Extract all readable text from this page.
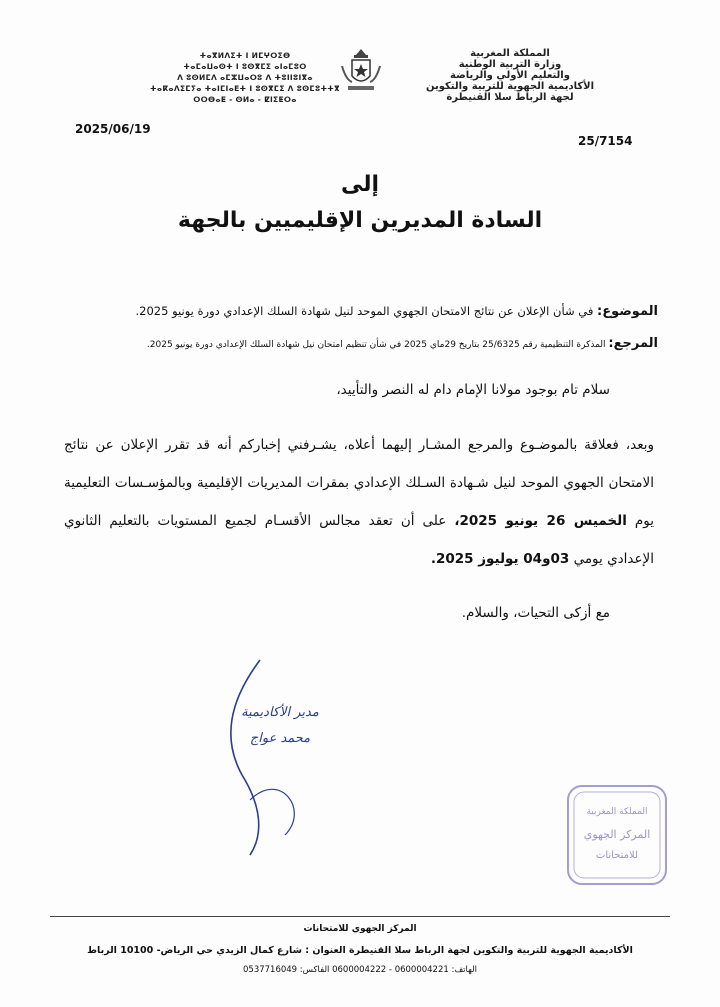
المملكة المغربية
وزارة التربية الوطنية
والتعليم الأولي والرياضة
الأكاديمية الجهوية للتربية والتكوين
لجهة الرباط سلا القنيطرة
ⵜⴰⴳⵍⴷⵉⵜ ⵏ ⵍⵎⵖⵔⵉⴱ
ⵜⴰⵎⴰⵡⴰⵙⵜ ⵏ ⵓⵙⴳⵎⵉ ⴰⵏⴰⵎⵓⵔ
ⴷ ⵓⵙⵍⵎⴷ ⴰⵎⵣⵡⴰⵔⵓ ⴷ ⵜⵓⵏⵏⵓⵏⴳⴰ
ⵜⴰⴽⴰⴷⵉⵎⵢⴰ ⵜⴰⵏⵎⵏⴰⴹⵜ ⵏ ⵓⵙⴳⵎⵉ ⴷ ⵓⵙⵎⵓⵜⵜⴳ
ⵔⵔⴱⴰⵟ - ⵙⵍⴰ - ⵇⵏⵉⵟⵔⴰ
2025/06/19
25/7154
إلى
السادة المديرين الإقليميين بالجهة
الموضوع: في شأن الإعلان عن نتائج الامتحان الجهوي الموحد لنيل شهادة السلك الإعدادي دورة يونيو 2025.
المرجع: المذكرة التنظيمية رقم 25/6325 بتاريخ 29ماي 2025 في شأن تنظيم امتحان نيل شهادة السلك الإعدادي دورة يونيو 2025.
سلام تام بوجود مولانا الإمام دام له النصر والتأييد،
وبعد، فعلاقة بالموضـوع والمرجع المشـار إليهما أعلاه، يشـرفني إخباركم أنه قد تقرر الإعلان عن نتائج الامتحان الجهوي الموحد لنيل شـهادة السـلك الإعدادي بمقرات المديريات الإقليمية وبالمؤسـسات التعليمية يوم الخميس 26 يونيو 2025، على أن تعقد مجالس الأقسـام لجميع المستويات بالتعليم الثانوي الإعدادي يومي 03و04 يوليوز 2025.
مع أزكى التحيات، والسلام.
مدير الأكاديمية
محمد عواج
المملكة المغربية
المركز الجهوي
للامتحانات
المركز الجهوي للامتحانات
الأكاديمية الجهوية للتربية والتكوين لجهة الرباط سلا القنيطرة العنوان : شارع كمال الزيدي حي الرياض- 10100 الرباط
الهاتف: 0600004221 - 0600004222 الفاكس: 0537716049
